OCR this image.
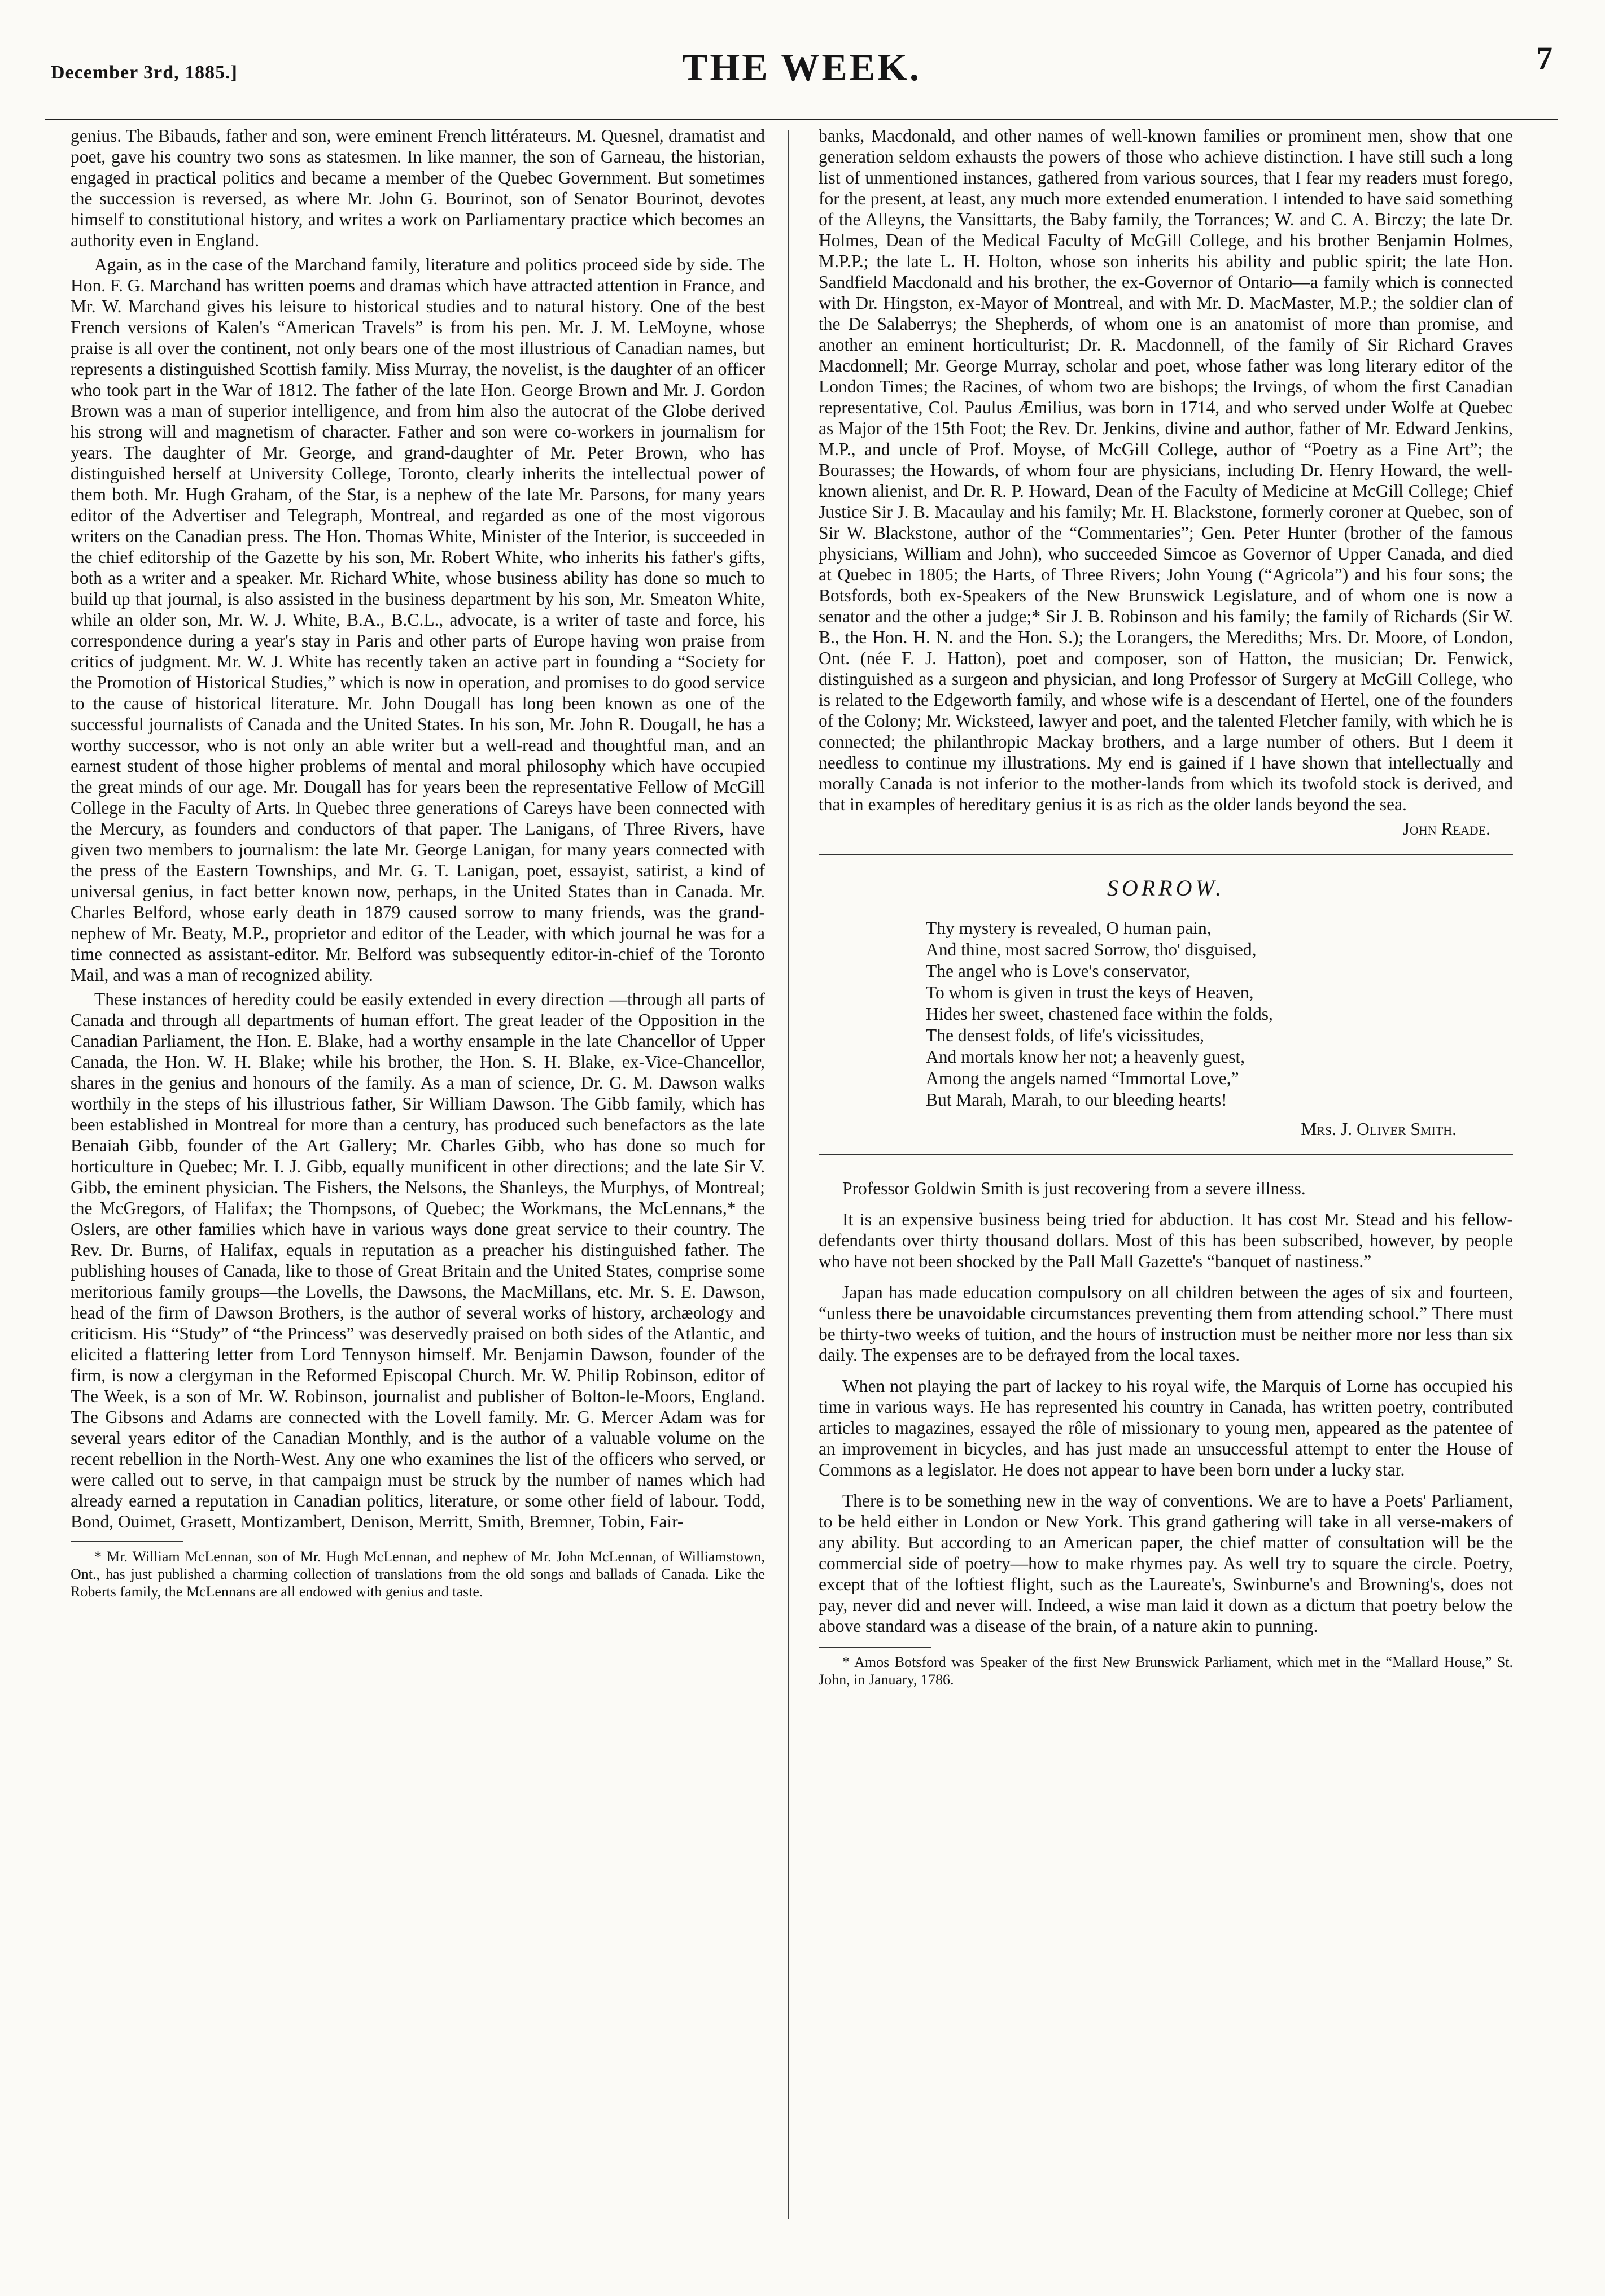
December 3rd, 1885.]	THE WEEK.	7

genius. The Bibauds, father and son, were eminent French littérateurs. M. Quesnel, dramatist and poet, gave his country two sons as statesmen. In like manner, the son of Garneau, the historian, engaged in practical politics and became a member of the Quebec Government. But sometimes the succession is reversed, as where Mr. John G. Bourinot, son of Senator Bourinot, devotes himself to constitutional history, and writes a work on Parliamentary practice which becomes an authority even in England.

Again, as in the case of the Marchand family, literature and politics proceed side by side. The Hon. F. G. Marchand has written poems and dramas which have attracted attention in France, and Mr. W. Marchand gives his leisure to historical studies and to natural history. One of the best French versions of Kalen's “American Travels” is from his pen. Mr. J. M. LeMoyne, whose praise is all over the continent, not only bears one of the most illustrious of Canadian names, but represents a distinguished Scottish family. Miss Murray, the novelist, is the daughter of an officer who took part in the War of 1812. The father of the late Hon. George Brown and Mr. J. Gordon Brown was a man of superior intelligence, and from him also the autocrat of the Globe derived his strong will and magnetism of character. Father and son were co-workers in journalism for years. The daughter of Mr. George, and grand-daughter of Mr. Peter Brown, who has distinguished herself at University College, Toronto, clearly inherits the intellectual power of them both. Mr. Hugh Graham, of the Star, is a nephew of the late Mr. Parsons, for many years editor of the Advertiser and Telegraph, Montreal, and regarded as one of the most vigorous writers on the Canadian press. The Hon. Thomas White, Minister of the Interior, is succeeded in the chief editorship of the Gazette by his son, Mr. Robert White, who inherits his father's gifts, both as a writer and a speaker. Mr. Richard White, whose business ability has done so much to build up that journal, is also assisted in the business department by his son, Mr. Smeaton White, while an older son, Mr. W. J. White, B.A., B.C.L., advocate, is a writer of taste and force, his correspondence during a year's stay in Paris and other parts of Europe having won praise from critics of judgment. Mr. W. J. White has recently taken an active part in founding a “Society for the Promotion of Historical Studies,” which is now in operation, and promises to do good service to the cause of historical literature. Mr. John Dougall has long been known as one of the successful journalists of Canada and the United States. In his son, Mr. John R. Dougall, he has a worthy successor, who is not only an able writer but a well-read and thoughtful man, and an earnest student of those higher problems of mental and moral philosophy which have occupied the great minds of our age. Mr. Dougall has for years been the representative Fellow of McGill College in the Faculty of Arts. In Quebec three generations of Careys have been connected with the Mercury, as founders and conductors of that paper. The Lanigans, of Three Rivers, have given two members to journalism: the late Mr. George Lanigan, for many years connected with the press of the Eastern Townships, and Mr. G. T. Lanigan, poet, essayist, satirist, a kind of universal genius, in fact better known now, perhaps, in the United States than in Canada. Mr. Charles Belford, whose early death in 1879 caused sorrow to many friends, was the grand-nephew of Mr. Beaty, M.P., proprietor and editor of the Leader, with which journal he was for a time connected as assistant-editor. Mr. Belford was subsequently editor-in-chief of the Toronto Mail, and was a man of recognized ability.

These instances of heredity could be easily extended in every direction —through all parts of Canada and through all departments of human effort. The great leader of the Opposition in the Canadian Parliament, the Hon. E. Blake, had a worthy ensample in the late Chancellor of Upper Canada, the Hon. W. H. Blake; while his brother, the Hon. S. H. Blake, ex-Vice-Chancellor, shares in the genius and honours of the family. As a man of science, Dr. G. M. Dawson walks worthily in the steps of his illustrious father, Sir William Dawson. The Gibb family, which has been established in Montreal for more than a century, has produced such benefactors as the late Benaiah Gibb, founder of the Art Gallery; Mr. Charles Gibb, who has done so much for horticulture in Quebec; Mr. I. J. Gibb, equally munificent in other directions; and the late Sir V. Gibb, the eminent physician. The Fishers, the Nelsons, the Shanleys, the Murphys, of Montreal; the McGregors, of Halifax; the Thompsons, of Quebec; the Workmans, the McLennans,* the Oslers, are other families which have in various ways done great service to their country. The Rev. Dr. Burns, of Halifax, equals in reputation as a preacher his distinguished father. The publishing houses of Canada, like to those of Great Britain and the United States, comprise some meritorious family groups—the Lovells, the Dawsons, the MacMillans, etc. Mr. S. E. Dawson, head of the firm of Dawson Brothers, is the author of several works of history, archæology and criticism. His “Study” of “the Princess” was deservedly praised on both sides of the Atlantic, and elicited a flattering letter from Lord Tennyson himself. Mr. Benjamin Dawson, founder of the firm, is now a clergyman in the Reformed Episcopal Church. Mr. W. Philip Robinson, editor of The Week, is a son of Mr. W. Robinson, journalist and publisher of Bolton-le-Moors, England. The Gibsons and Adams are connected with the Lovell family. Mr. G. Mercer Adam was for several years editor of the Canadian Monthly, and is the author of a valuable volume on the recent rebellion in the North-West. Any one who examines the list of the officers who served, or were called out to serve, in that campaign must be struck by the number of names which had already earned a reputation in Canadian politics, literature, or some other field of labour. Todd, Bond, Ouimet, Grasett, Montizambert, Denison, Merritt, Smith, Bremner, Tobin, Fair-

* Mr. William McLennan, son of Mr. Hugh McLennan, and nephew of Mr. John McLennan, of Williamstown, Ont., has just published a charming collection of translations from the old songs and ballads of Canada. Like the Roberts family, the McLennans are all endowed with genius and taste.

banks, Macdonald, and other names of well-known families or prominent men, show that one generation seldom exhausts the powers of those who achieve distinction. I have still such a long list of unmentioned instances, gathered from various sources, that I fear my readers must forego, for the present, at least, any much more extended enumeration. I intended to have said something of the Alleyns, the Vansittarts, the Baby family, the Torrances; W. and C. A. Birczy; the late Dr. Holmes, Dean of the Medical Faculty of McGill College, and his brother Benjamin Holmes, M.P.P.; the late L. H. Holton, whose son inherits his ability and public spirit; the late Hon. Sandfield Macdonald and his brother, the ex-Governor of Ontario—a family which is connected with Dr. Hingston, ex-Mayor of Montreal, and with Mr. D. MacMaster, M.P.; the soldier clan of the De Salaberrys; the Shepherds, of whom one is an anatomist of more than promise, and another an eminent horticulturist; Dr. R. Macdonnell, of the family of Sir Richard Graves Macdonnell; Mr. George Murray, scholar and poet, whose father was long literary editor of the London Times; the Racines, of whom two are bishops; the Irvings, of whom the first Canadian representative, Col. Paulus Æmilius, was born in 1714, and who served under Wolfe at Quebec as Major of the 15th Foot; the Rev. Dr. Jenkins, divine and author, father of Mr. Edward Jenkins, M.P., and uncle of Prof. Moyse, of McGill College, author of “Poetry as a Fine Art”; the Bourasses; the Howards, of whom four are physicians, including Dr. Henry Howard, the well-known alienist, and Dr. R. P. Howard, Dean of the Faculty of Medicine at McGill College; Chief Justice Sir J. B. Macaulay and his family; Mr. H. Blackstone, formerly coroner at Quebec, son of Sir W. Blackstone, author of the “Commentaries”; Gen. Peter Hunter (brother of the famous physicians, William and John), who succeeded Simcoe as Governor of Upper Canada, and died at Quebec in 1805; the Harts, of Three Rivers; John Young (“Agricola”) and his four sons; the Botsfords, both ex-Speakers of the New Brunswick Legislature, and of whom one is now a senator and the other a judge;* Sir J. B. Robinson and his family; the family of Richards (Sir W. B., the Hon. H. N. and the Hon. S.); the Lorangers, the Merediths; Mrs. Dr. Moore, of London, Ont. (née F. J. Hatton), poet and composer, son of Hatton, the musician; Dr. Fenwick, distinguished as a surgeon and physician, and long Professor of Surgery at McGill College, who is related to the Edgeworth family, and whose wife is a descendant of Hertel, one of the founders of the Colony; Mr. Wicksteed, lawyer and poet, and the talented Fletcher family, with which he is connected; the philanthropic Mackay brothers, and a large number of others. But I deem it needless to continue my illustrations. My end is gained if I have shown that intellectually and morally Canada is not inferior to the mother-lands from which its twofold stock is derived, and that in examples of hereditary genius it is as rich as the older lands beyond the sea.

John Reade.
SORROW.
Thy mystery is revealed, O human pain,
And thine, most sacred Sorrow, tho' disguised,
The angel who is Love's conservator,
To whom is given in trust the keys of Heaven,
Hides her sweet, chastened face within the folds,
The densest folds, of life's vicissitudes,
And mortals know her not; a heavenly guest,
Among the angels named “Immortal Love,”
But Marah, Marah, to our bleeding hearts!
Mrs. J. Oliver Smith.

Professor Goldwin Smith is just recovering from a severe illness.

It is an expensive business being tried for abduction. It has cost Mr. Stead and his fellow-defendants over thirty thousand dollars. Most of this has been subscribed, however, by people who have not been shocked by the Pall Mall Gazette's “banquet of nastiness.”

Japan has made education compulsory on all children between the ages of six and fourteen, “unless there be unavoidable circumstances preventing them from attending school.” There must be thirty-two weeks of tuition, and the hours of instruction must be neither more nor less than six daily. The expenses are to be defrayed from the local taxes.

When not playing the part of lackey to his royal wife, the Marquis of Lorne has occupied his time in various ways. He has represented his country in Canada, has written poetry, contributed articles to magazines, essayed the rôle of missionary to young men, appeared as the patentee of an improvement in bicycles, and has just made an unsuccessful attempt to enter the House of Commons as a legislator. He does not appear to have been born under a lucky star.

There is to be something new in the way of conventions. We are to have a Poets' Parliament, to be held either in London or New York. This grand gathering will take in all verse-makers of any ability. But according to an American paper, the chief matter of consultation will be the commercial side of poetry—how to make rhymes pay. As well try to square the circle. Poetry, except that of the loftiest flight, such as the Laureate's, Swinburne's and Browning's, does not pay, never did and never will. Indeed, a wise man laid it down as a dictum that poetry below the above standard was a disease of the brain, of a nature akin to punning.

* Amos Botsford was Speaker of the first New Brunswick Parliament, which met in the “Mallard House,” St. John, in January, 1786.
